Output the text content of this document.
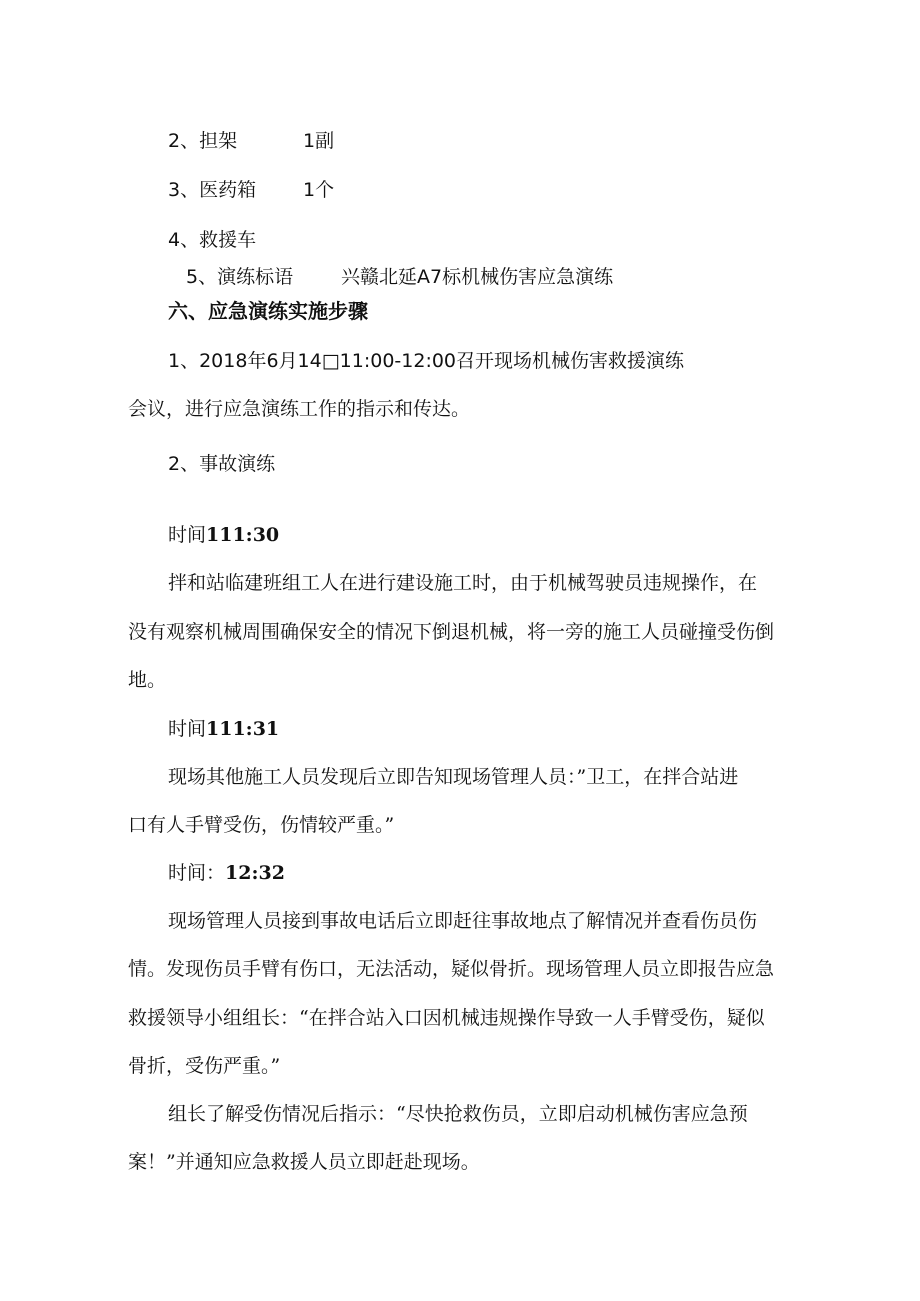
2、担架	1副
3、医药箱 1个
4、救援车
5、演练标语	兴赣北延A7标机械伤害应急演练
六、应急演练实施步骤
1、2018年6月14□11:00-12:00召开现场机械伤害救援演练
会议，进行应急演练工作的指示和传达。
2、事故演练
时间111:30
拌和站临建班组工人在进行建设施工时，由于机械驾驶员违规操作，在
没有观察机械周围确保安全的情况下倒退机械，将一旁的施工人员碰撞受伤倒
地。
时间111:31
现场其他施工人员发现后立即告知现场管理人员：”卫工，在拌合站进
口有人手臂受伤，伤情较严重。”
时间：12:32
现场管理人员接到事故电话后立即赶往事故地点了解情况并查看伤员伤
情。发现伤员手臂有伤口，无法活动，疑似骨折。现场管理人员立即报告应急
救援领导小组组长：“在拌合站入口因机械违规操作导致一人手臂受伤，疑似
骨折，受伤严重。”
组长了解受伤情况后指示：“尽快抢救伤员，立即启动机械伤害应急预
案！”并通知应急救援人员立即赶赴现场。
